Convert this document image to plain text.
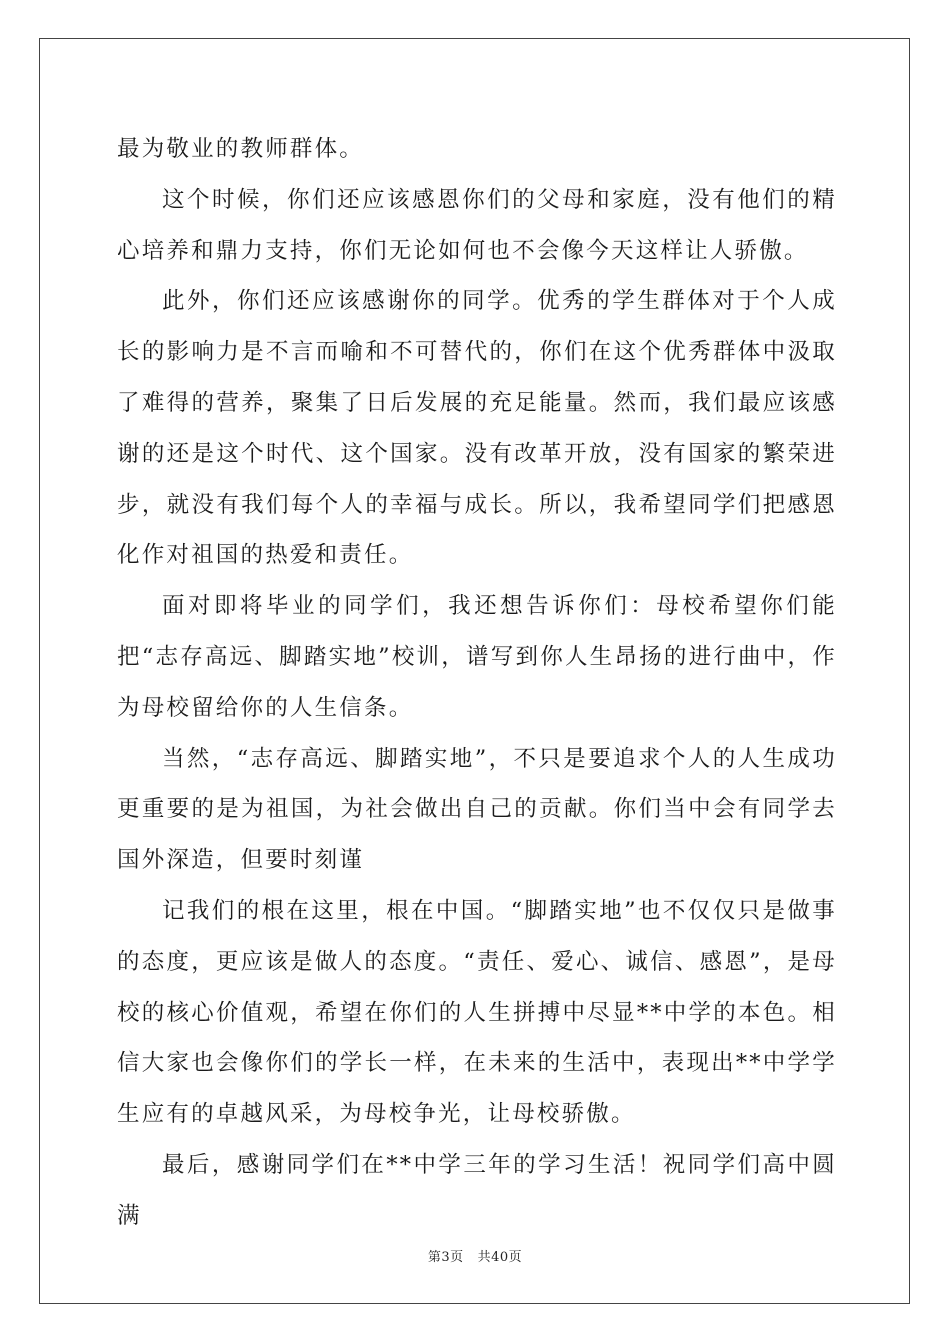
最为敬业的教师群体。

这个时候，你们还应该感恩你们的父母和家庭，没有他们的精心培养和鼎力支持，你们无论如何也不会像今天这样让人骄傲。

此外，你们还应该感谢你的同学。优秀的学生群体对于个人成长的影响力是不言而喻和不可替代的，你们在这个优秀群体中汲取了难得的营养，聚集了日后发展的充足能量。然而，我们最应该感谢的还是这个时代、这个国家。没有改革开放，没有国家的繁荣进步，就没有我们每个人的幸福与成长。所以，我希望同学们把感恩化作对祖国的热爱和责任。

面对即将毕业的同学们，我还想告诉你们：母校希望你们能把“志存高远、脚踏实地”校训，谱写到你人生昂扬的进行曲中，作为母校留给你的人生信条。

当然，“志存高远、脚踏实地”，不只是要追求个人的人生成功更重要的是为祖国，为社会做出自己的贡献。你们当中会有同学去国外深造，但要时刻谨

记我们的根在这里，根在中国。“脚踏实地”也不仅仅只是做事的态度，更应该是做人的态度。“责任、爱心、诚信、感恩”，是母校的核心价值观，希望在你们的人生拼搏中尽显**中学的本色。相信大家也会像你们的学长一样，在未来的生活中，表现出**中学学生应有的卓越风采，为母校争光，让母校骄傲。

最后，感谢同学们在**中学三年的学习生活！祝同学们高中圆满

第3页 共40页
